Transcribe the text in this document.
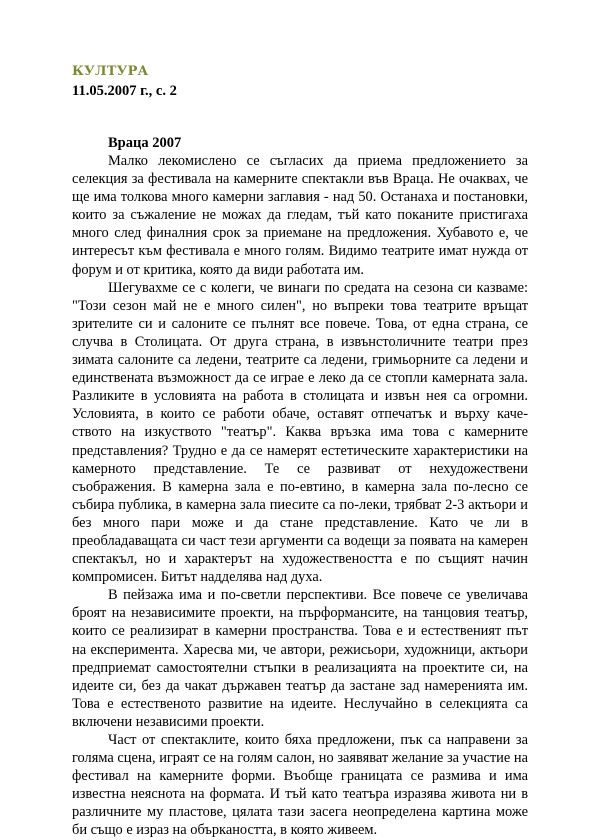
КУЛТУРА
11.05.2007 г., с. 2
Враца 2007

Малко лекомислено се съгласих да приема предложението за селекция за фестивала на камерните спектакли във Враца. Не очаквах, че ще има толкова много камерни заглавия - над 50. Останаха и постановки, които за съжаление не можах да гледам, тъй като поканите пристигаха много след финалния срок за приемане на предложения. Хубавото е, че интересът към фестивала е много голям. Видимо театрите имат нужда от форум и от критика, която да види работата им.

Шегувахме се с колеги, че винаги по средата на сезона си казваме: "Този сезон май не е много силен", но въпреки това театрите връщат зрителите си и салоните се пълнят все повече. Това, от една страна, се случва в Столицата. От друга страна, в извънстоличните театри през зимата салоните са ледени, театрите са ледени, гримьорните са ледени и единствената възможност да се играе е леко да се стопли камерната зала. Разликите в условията на работа в столицата и извън нея са огромни. Условията, в които се работи обаче, оставят отпечатък и върху каче-ството на изкуството "театър". Каква връзка има това с камерните представления? Трудно е да се намерят естетическите характеристики на камерното представление. Те се развиват от нехудожествени съображения. В камерна зала е по-евтино, в камерна зала по-лесно се събира публика, в камерна зала пиесите са по-леки, трябват 2-3 актьори и без много пари може и да стане представление. Като че ли в преобладаващата си част тези аргументи са водещи за появата на камерен спектакъл, но и характерът на художествеността е по същият начин компромисен. Битът надделява над духа.

В пейзажа има и по-светли перспективи. Все повече се увеличава броят на независимите проекти, на пърформансите, на танцовия театър, които се реализират в камерни пространства. Това е и естественият път на експеримента. Харесва ми, че автори, режисьори, художници, актьори предприемат самостоятелни стъпки в реализацията на проектите си, на идеите си, без да чакат държавен театър да застане зад намеренията им. Това е естественото развитие на идеите. Неслучайно в селекцията са включени независими проекти.

Част от спектаклите, които бяха предложени, пък са направени за голяма сцена, играят се на голям салон, но заявяват желание за участие на фестивал на камерните форми. Въобще границата се размива и има известна неяснота на формата. И тъй като театъра изразява живота ни в различните му пластове, цялата тази засега неопределена картина може би също е израз на объркаността, в която живеем.
